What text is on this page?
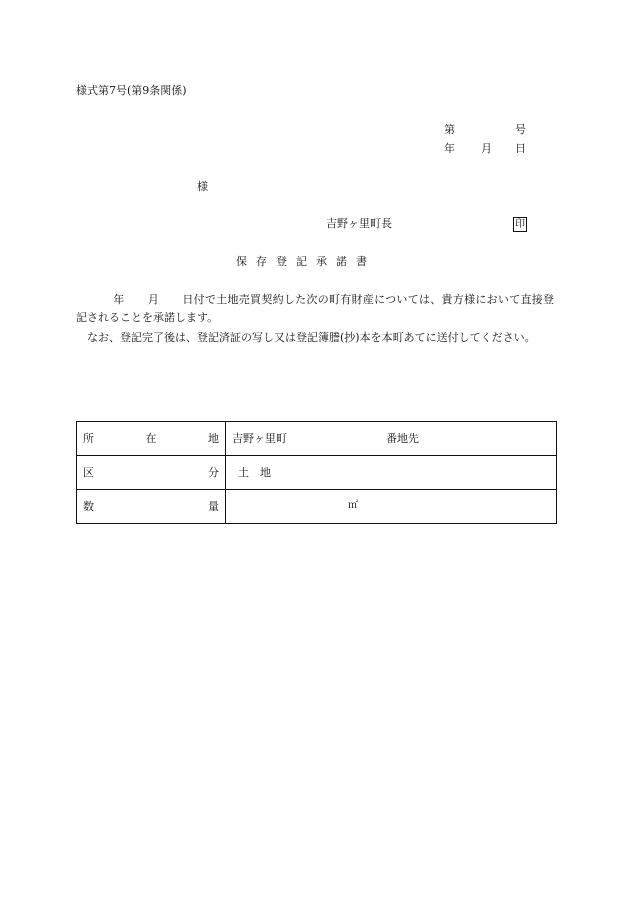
様式第7号(第9条関係)
第	号
年 月 日
様
吉野ヶ里町長	印
保存登記承諾書
年 月 日付で土地売買契約した次の町有財産については、貴方様において直接登記されることを承諾します。
なお、登記完了後は、登記済証の写し又は登記簿謄(抄)本を本町あてに送付してください。
所 在 地	吉野ヶ里町 番地先

区 分	土　地

数 量	㎡
